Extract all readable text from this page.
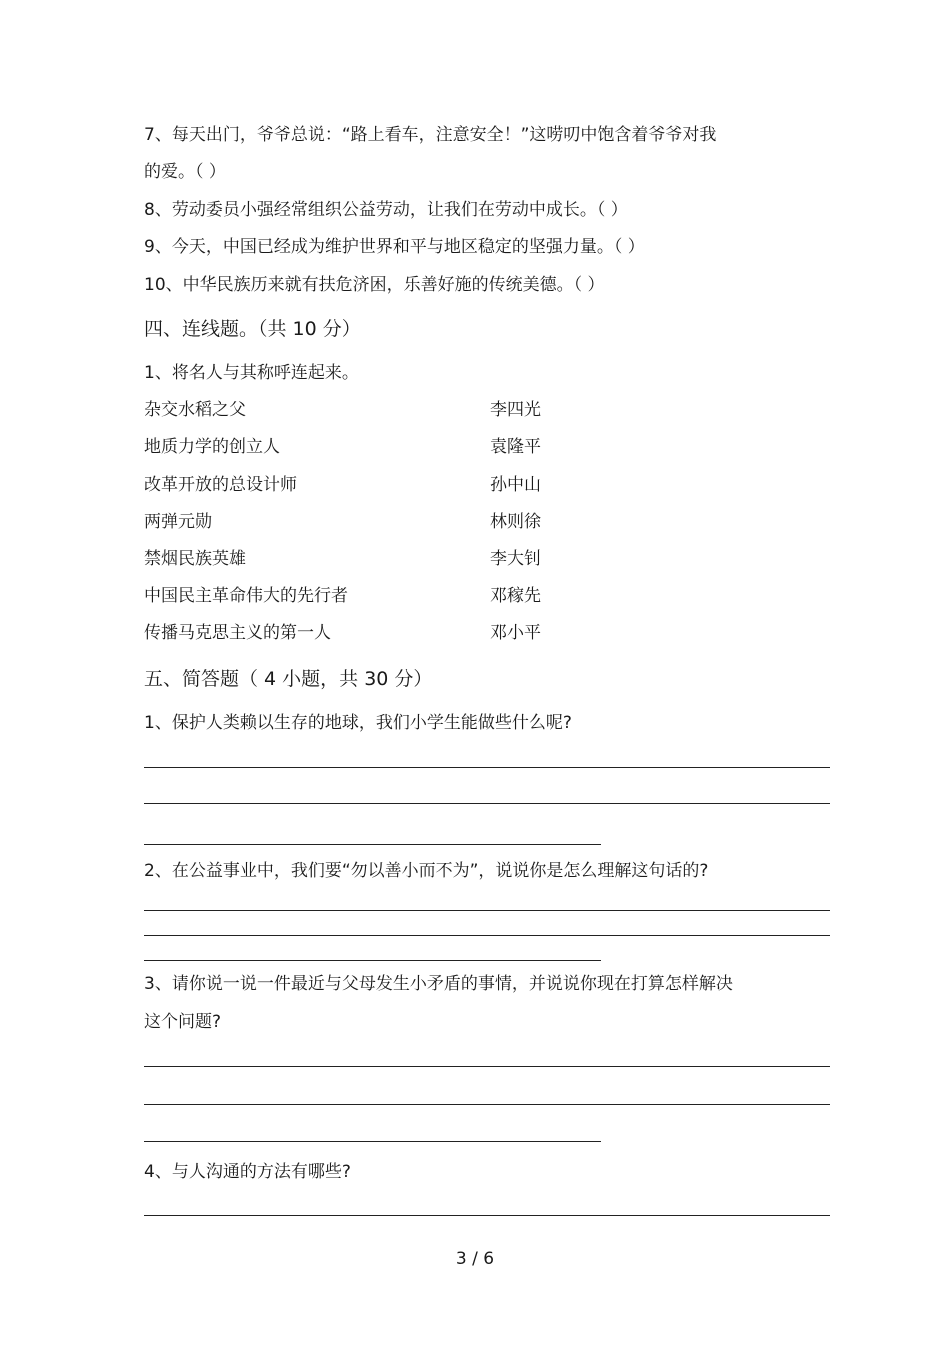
7、每天出门，爷爷总说：“路上看车，注意安全！”这唠叨中饱含着爷爷对我
的爱。（ ）
8、劳动委员小强经常组织公益劳动，让我们在劳动中成长。（ ）
9、今天，中国已经成为维护世界和平与地区稳定的坚强力量。（ ）
10、中华民族历来就有扶危济困，乐善好施的传统美德。（ ）
四、连线题。（共 10 分）
1、将名人与其称呼连起来。
杂交水稻之父	李四光
地质力学的创立人	袁隆平
改革开放的总设计师	孙中山
两弹元勋	林则徐
禁烟民族英雄	李大钊
中国民主革命伟大的先行者	邓稼先
传播马克思主义的第一人	邓小平
五、简答题（ 4 小题，共 30 分）
1、保护人类赖以生存的地球，我们小学生能做些什么呢?
2、在公益事业中，我们要“勿以善小而不为”，说说你是怎么理解这句话的?
3、请你说一说一件最近与父母发生小矛盾的事情，并说说你现在打算怎样解决
这个问题?
4、与人沟通的方法有哪些?
3 / 6
